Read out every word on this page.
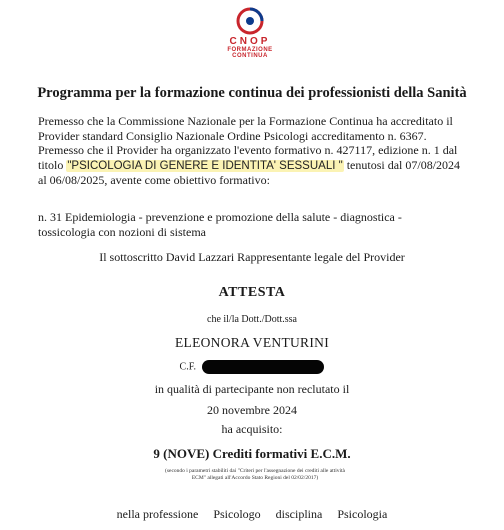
CNOP
FORMAZIONE
CONTINUA
Programma per la formazione continua dei professionisti della Sanità
Premesso che la Commissione Nazionale per la Formazione Continua ha accreditato il Provider standard Consiglio Nazionale Ordine Psicologi accreditamento n. 6367. Premesso che il Provider ha organizzato l'evento formativo n. 427117, edizione n. 1 dal titolo "PSICOLOGIA DI GENERE E IDENTITA' SESSUALI " tenutosi dal 07/08/2024 al 06/08/2025, avente come obiettivo formativo:
n. 31 Epidemiologia - prevenzione e promozione della salute - diagnostica - tossicologia con nozioni di sistema
Il sottoscritto David Lazzari Rappresentante legale del Provider
ATTESTA
che il/la Dott./Dott.ssa
ELEONORA VENTURINI
C.F.
in qualità di partecipante non reclutato il
20 novembre 2024
ha acquisito:
9 (NOVE) Crediti formativi E.C.M.
(secondo i parametri stabiliti dai "Criteri per l'assegnazione dei crediti alle attività ECM" allegati all'Accordo Stato Regioni del 02/02/2017)
nella professione Psicologo disciplina Psicologia
